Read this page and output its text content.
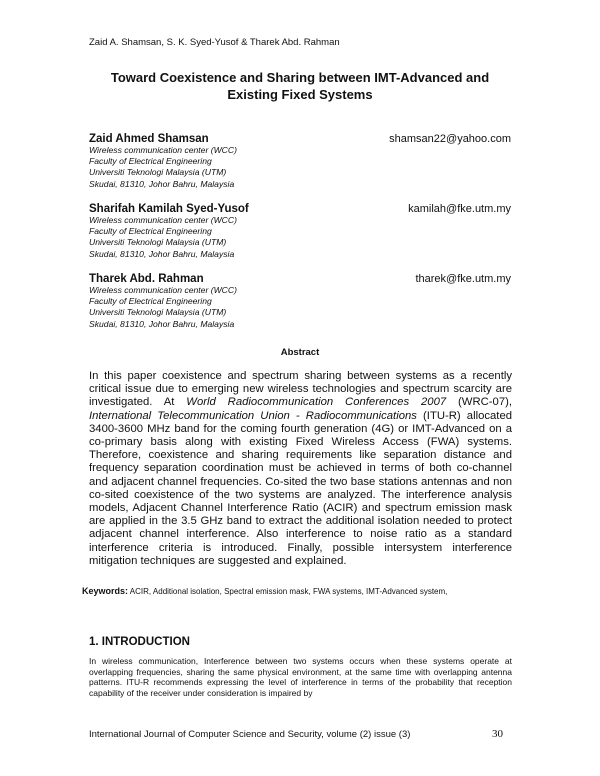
Zaid A. Shamsan, S. K. Syed-Yusof & Tharek Abd. Rahman
Toward Coexistence and Sharing between IMT-Advanced and
Existing Fixed Systems
Zaid Ahmed Shamsan	shamsan22@yahoo.com
Wireless communication center (WCC)
Faculty of Electrical Engineering
Universiti Teknologi Malaysia (UTM)
Skudai, 81310, Johor Bahru, Malaysia
Sharifah Kamilah Syed-Yusof	kamilah@fke.utm.my
Wireless communication center (WCC)
Faculty of Electrical Engineering
Universiti Teknologi Malaysia (UTM)
Skudai, 81310, Johor Bahru, Malaysia
Tharek Abd. Rahman	tharek@fke.utm.my
Wireless communication center (WCC)
Faculty of Electrical Engineering
Universiti Teknologi Malaysia (UTM)
Skudai, 81310, Johor Bahru, Malaysia
Abstract
In this paper coexistence and spectrum sharing between systems as a recently critical issue due to emerging new wireless technologies and spectrum scarcity are investigated. At World Radiocommunication Conferences 2007 (WRC-07), International Telecommunication Union - Radiocommunications (ITU-R) allocated 3400-3600 MHz band for the coming fourth generation (4G) or IMT-Advanced on a co-primary basis along with existing Fixed Wireless Access (FWA) systems. Therefore, coexistence and sharing requirements like separation distance and frequency separation coordination must be achieved in terms of both co-channel and adjacent channel frequencies. Co-sited the two base stations antennas and non co-sited coexistence of the two systems are analyzed. The interference analysis models, Adjacent Channel Interference Ratio (ACIR) and spectrum emission mask are applied in the 3.5 GHz band to extract the additional isolation needed to protect adjacent channel interference. Also interference to noise ratio as a standard interference criteria is introduced. Finally, possible intersystem interference mitigation techniques are suggested and explained.
Keywords: ACIR, Additional isolation, Spectral emission mask, FWA systems, IMT-Advanced system,
1. INTRODUCTION
In wireless communication, Interference between two systems occurs when these systems operate at overlapping frequencies, sharing the same physical environment, at the same time with overlapping antenna patterns. ITU-R recommends expressing the level of interference in terms of the probability that reception capability of the receiver under consideration is impaired by
International Journal of Computer Science and Security, volume (2) issue (3)	30
